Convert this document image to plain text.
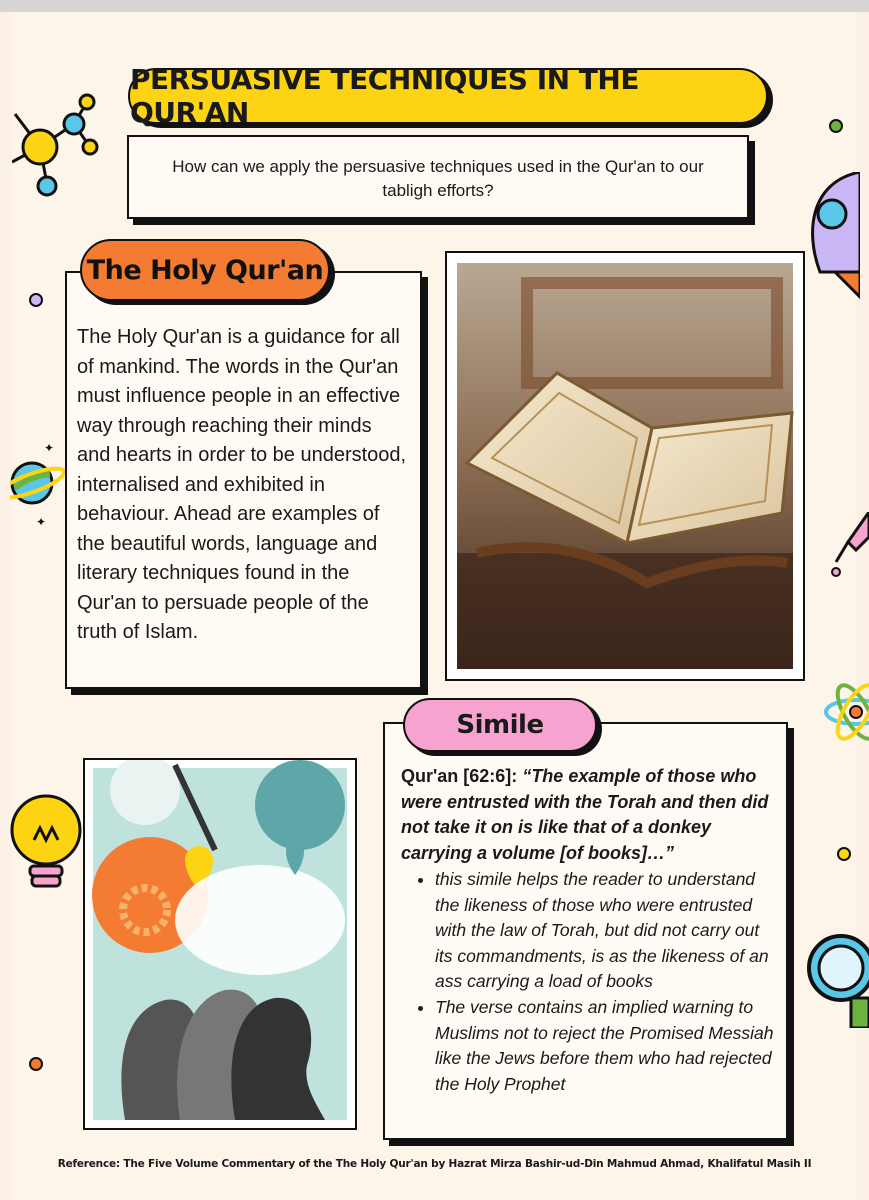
✦
✦
PERSUASIVE TECHNIQUES IN THE QUR'AN
How can we apply the persuasive techniques used in the Qur'an to our tabligh efforts?
The Holy Qur'an is a guidance for all of mankind. The words in the Qur'an must influence people in an effective way through reaching their minds and hearts in order to be understood, internalised and exhibited in behaviour. Ahead are examples of the beautiful words, language and literary techniques found in the Qur'an to persuade people of the truth of Islam.
The Holy Qur'an
Qur'an [62:6]: “The example of those who were entrusted with the Torah and then did not take it on is like that of a donkey carrying a volume [of books]…”
• this simile helps the reader to understand the likeness of those who were entrusted with the law of Torah, but did not carry out its commandments, is as the likeness of an ass carrying a load of books
• The verse contains an implied warning to Muslims not to reject the Promised Messiah like the Jews before them who had rejected the Holy Prophet
Simile
Reference: The Five Volume Commentary of the The Holy Qur'an by Hazrat Mirza Bashir-ud-Din Mahmud Ahmad, Khalifatul Masih II
